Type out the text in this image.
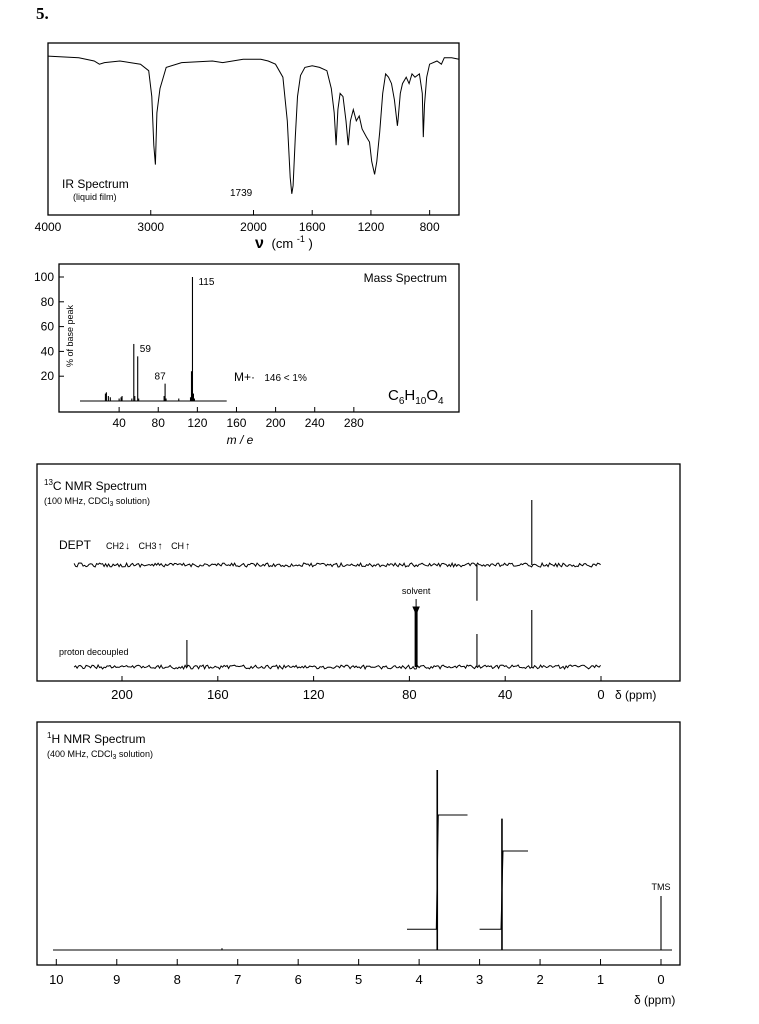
5.
4000	3000	2000	1600	1200	800
IR Spectrum
(liquid film)	1739
ν (cm $^{-1}$ )
20
40
60
80
100
40 80 120 160 200 240 280
59
87
115	Mass Spectrum
% of base peak
m / e
M+· 146 < 1%
$C_6H_{10}O_4$
200	160	120	80	40	0
$^{13}$C NMR Spectrum
(100 MHz, CDCl$_3$ solution)
DEPT CH2↓ CH3↑ CH↑
proton decoupled
solvent
δ (ppm)
10	9	8	7	6	5	4	3	2	1	0
$^1$H NMR Spectrum
(400 MHz, CDCl$_3$ solution)
TMS
δ (ppm)
